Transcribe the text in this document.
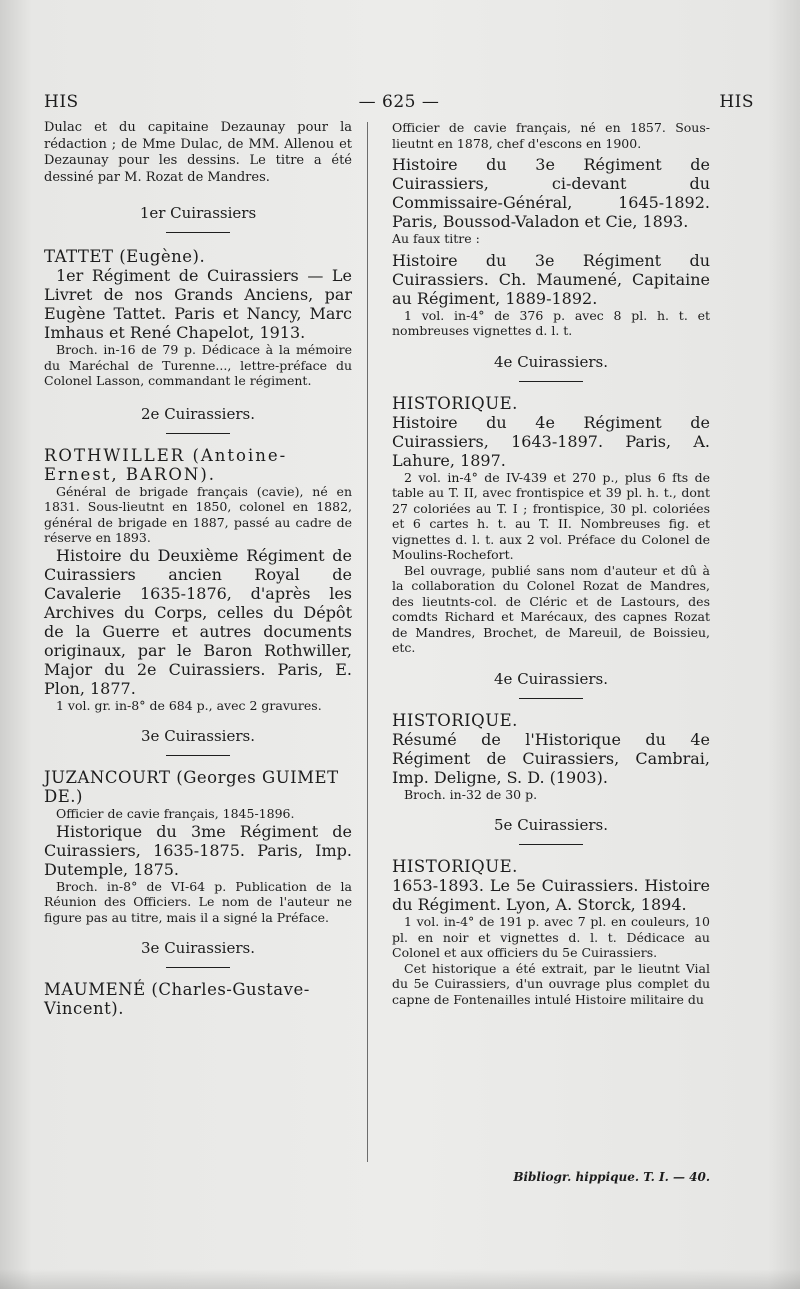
HIS	— 625 —	HIS

Dulac et du capitaine Dezaunay pour la rédaction ; de Mme Dulac, de MM. Allenou et Dezaunay pour les dessins. Le titre a été dessiné par M. Rozat de Mandres.

1er Cuirassiers

TATTET (Eugène).

1er Régiment de Cuirassiers — Le Livret de nos Grands Anciens, par Eugène Tattet. Paris et Nancy, Marc Imhaus et René Chapelot, 1913.

Broch. in-16 de 79 p. Dédicace à la mémoire du Maréchal de Turenne..., lettre-préface du Colonel Lasson, commandant le régiment.

2e Cuirassiers.

ROTHWILLER (Antoine-Ernest, BARON).

Général de brigade français (cavie), né en 1831. Sous-lieutnt en 1850, colonel en 1882, général de brigade en 1887, passé au cadre de réserve en 1893.

Histoire du Deuxième Régiment de Cuirassiers ancien Royal de Cavalerie 1635-1876, d'après les Archives du Corps, celles du Dépôt de la Guerre et autres documents originaux, par le Baron Rothwiller, Major du 2e Cuirassiers. Paris, E. Plon, 1877.

1 vol. gr. in-8° de 684 p., avec 2 gravures.

3e Cuirassiers.

JUZANCOURT (Georges GUIMET DE.)

Officier de cavie français, 1845-1896.

Historique du 3me Régiment de Cuirassiers, 1635-1875. Paris, Imp. Dutemple, 1875.

Broch. in-8° de VI-64 p. Publication de la Réunion des Officiers. Le nom de l'auteur ne figure pas au titre, mais il a signé la Préface.

3e Cuirassiers.

MAUMENÉ (Charles-Gustave-Vincent).

Officier de cavie français, né en 1857. Sous-lieutnt en 1878, chef d'escons en 1900.

Histoire du 3e Régiment de Cuirassiers, ci-devant du Commissaire-Général, 1645-1892. Paris, Boussod-Valadon et Cie, 1893.

Au faux titre :

Histoire du 3e Régiment du Cuirassiers. Ch. Maumené, Capitaine au Régiment, 1889-1892.

1 vol. in-4° de 376 p. avec 8 pl. h. t. et nombreuses vignettes d. l. t.

4e Cuirassiers.

HISTORIQUE.

Histoire du 4e Régiment de Cuirassiers, 1643-1897. Paris, A. Lahure, 1897.

2 vol. in-4° de IV-439 et 270 p., plus 6 fts de table au T. II, avec frontispice et 39 pl. h. t., dont 27 coloriées au T. I ; frontispice, 30 pl. coloriées et 6 cartes h. t. au T. II. Nombreuses fig. et vignettes d. l. t. aux 2 vol. Préface du Colonel de Moulins-Rochefort.

Bel ouvrage, publié sans nom d'auteur et dû à la collaboration du Colonel Rozat de Mandres, des lieutnts-col. de Cléric et de Lastours, des comdts Richard et Marécaux, des capnes Rozat de Mandres, Brochet, de Mareuil, de Boissieu, etc.

4e Cuirassiers.

HISTORIQUE.

Résumé de l'Historique du 4e Régiment de Cuirassiers, Cambrai, Imp. Deligne, S. D. (1903).

Broch. in-32 de 30 p.

5e Cuirassiers.

HISTORIQUE.

1653-1893. Le 5e Cuirassiers. Histoire du Régiment. Lyon, A. Storck, 1894.

1 vol. in-4° de 191 p. avec 7 pl. en couleurs, 10 pl. en noir et vignettes d. l. t. Dédicace au Colonel et aux officiers du 5e Cuirassiers.

Cet historique a été extrait, par le lieutnt Vial du 5e Cuirassiers, d'un ouvrage plus complet du capne de Fontenailles intulé Histoire militaire du

Bibliogr. hippique. T. I. — 40.
